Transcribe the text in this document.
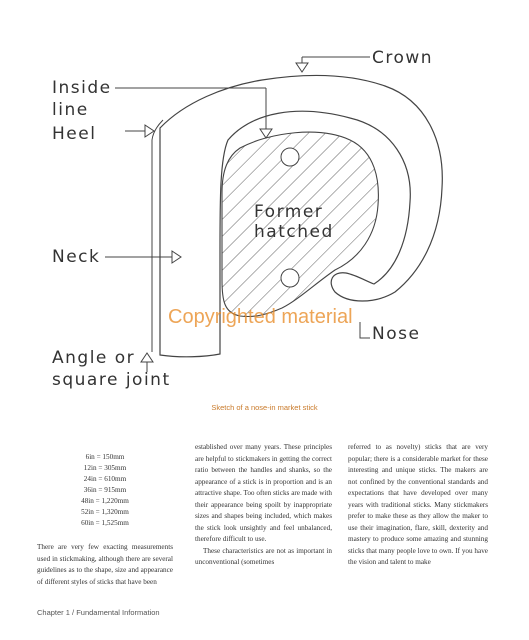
Crown
Inside
line
Heel
Former
hatched
Neck
Nose
Angle or
square joint
Copyrighted material
Sketch of a nose-in market stick
6in = 150mm
12in = 305mm
24in = 610mm
36in = 915mm
48in = 1,220mm
52in = 1,320mm
60in = 1,525mm

There are very few exacting measurements used in stickmaking, although there are several guidelines as to the shape, size and appearance of different styles of sticks that have been

established over many years. These principles are helpful to stickmakers in getting the correct ratio between the handles and shanks, so the appearance of a stick is in proportion and is an attractive shape. Too often sticks are made with their appearance being spoilt by inappropriate sizes and shapes being included, which makes the stick look unsightly and feel unbalanced, therefore difficult to use.

These characteristics are not as important in unconventional (sometimes

referred to as novelty) sticks that are very popular; there is a considerable market for these interesting and unique sticks. The makers are not confined by the conventional standards and expectations that have developed over many years with traditional sticks. Many stickmakers prefer to make these as they allow the maker to use their imagination, flare, skill, dexterity and mastery to produce some amazing and stunning sticks that many people love to own. If you have the vision and talent to make

Chapter 1 / Fundamental Information
